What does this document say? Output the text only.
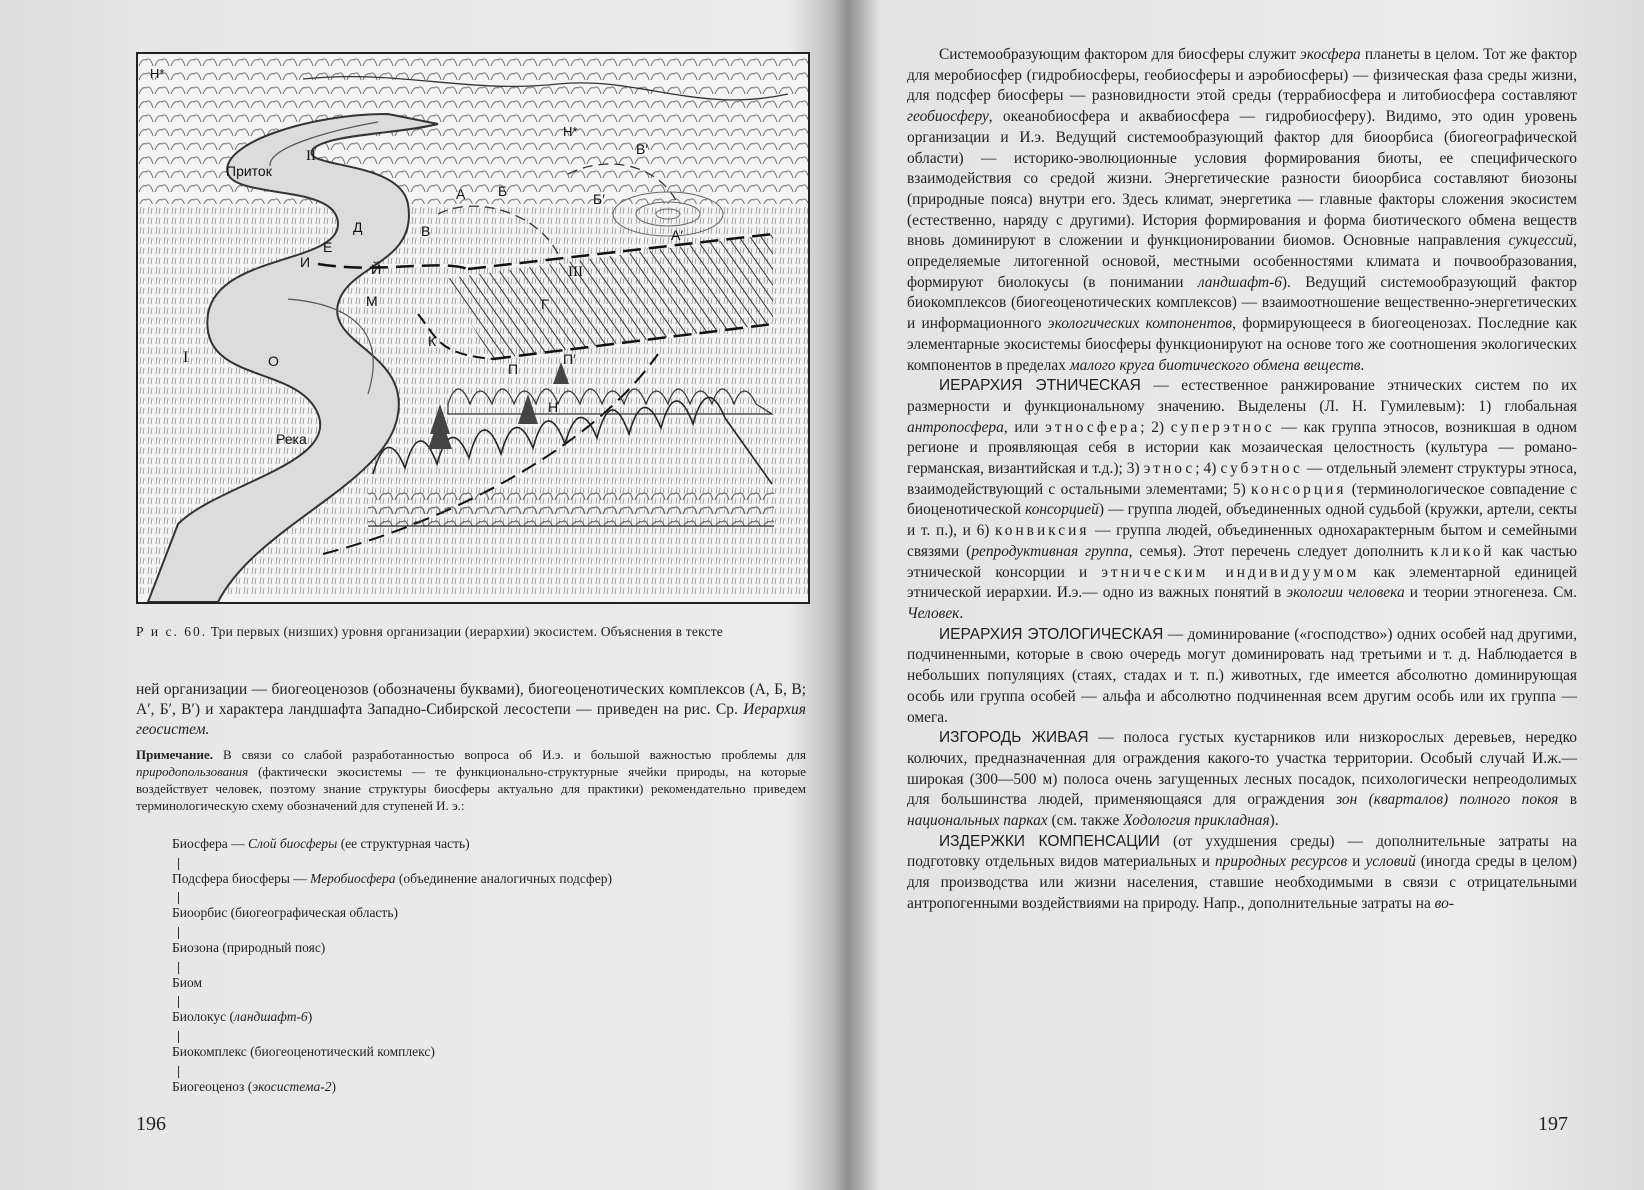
Н*
Н*
Приток
А Б
В
В′
Б′
А′
Д
Е
И	Й
М
К
Г
П
П′
Н
I
II
III
О
Река
Р и с. 60. Три первых (низших) уровня организации (иерархии) экосистем. Объяснения в тексте
ней организации — биогеоценозов (обозначены буквами), биогеоценотических комплексов (А, Б, В; А′, Б′, В′) и характера ландшафта Западно-Сибирской лесостепи — приведен на рис. Ср. Иерархия геосистем.
Примечание. В связи со слабой разработанностью вопроса об И.э. и большой важностью проблемы для природопользования (фактически экосистемы — те функционально-структурные ячейки природы, на которые воздействует человек, поэтому знание структуры биосферы актуально для практики) рекомендательно приведем терминологическую схему обозначений для ступеней И. э.:
Биосфера — Слой биосферы (ее структурная часть)
Подсфера биосферы — Меробиосфера (объединение аналогичных подсфер)
Биоорбис (биогеографическая область)
Биозона (природный пояс)
Биом
Биолокус (ландшафт-6)
Биокомплекс (биогеоценотический комплекс)
Биогеоценоз (экосистема-2)
196

Системообразующим фактором для биосферы служит экосфера планеты в целом. Тот же фактор для меробиосфер (гидробиосферы, геобиосферы и аэробиосферы) — физическая фаза среды жизни, для подсфер биосферы — разновидности этой среды (террабиосфера и литобиосфера составляют геобиосферу, океанобиосфера и аквабиосфера — гидробиосферу). Видимо, это один уровень организации и И.э. Ведущий системообразующий фактор для биоорбиса (биогеографической области) — историко-эволюционные условия формирования биоты, ее специфического взаимодействия со средой жизни. Энергетические разности биоорбиса составляют биозоны (природные пояса) внутри его. Здесь климат, энергетика — главные факторы сложения экосистем (естественно, наряду с другими). История формирования и форма биотического обмена веществ вновь доминируют в сложении и функционировании биомов. Основные направления сукцессий, определяемые литогенной основой, местными особенностями климата и почвообразования, формируют биолокусы (в понимании ландшафт-6). Ведущий системообразующий фактор биокомплексов (биогеоценотических комплексов) — взаимоотношение вещественно-энергетических и информационного экологических компонентов, формирующееся в биогеоценозах. Последние как элементарные экосистемы биосферы функционируют на основе того же соотношения экологических компонентов в пределах малого круга биотического обмена веществ.

ИЕРАРХИЯ ЭТНИЧЕСКАЯ — естественное ранжирование этнических систем по их размерности и функциональному значению. Выделены (Л. Н. Гумилевым): 1) глобальная антропосфера, или этносфера; 2) суперэтнос — как группа этносов, возникшая в одном регионе и проявляющая себя в истории как мозаическая целостность (культура — романо-германская, византийская и т.д.); 3) этнос; 4) субэтнос — отдельный элемент структуры этноса, взаимодействующий с остальными элементами; 5) консорция (терминологическое совпадение с биоценотической консорцией) — группа людей, объединенных одной судьбой (кружки, артели, секты и т. п.), и 6) конвиксия — группа людей, объединенных однохарактерным бытом и семейными связями (репродуктивная группа, семья). Этот перечень следует дополнить кликой как частью этнической консорции и этническим индивидуумом как элементарной единицей этнической иерархии. И.э.— одно из важных понятий в экологии человека и теории этногенеза. См. Человек.

ИЕРАРХИЯ ЭТОЛОГИЧЕСКАЯ — доминирование («господство») одних особей над другими, подчиненными, которые в свою очередь могут доминировать над третьими и т. д. Наблюдается в небольших популяциях (стаях, стадах и т. п.) животных, где имеется абсолютно доминирующая особь или группа особей — альфа и абсолютно подчиненная всем другим особь или их группа — омега.

ИЗГОРОДЬ ЖИВАЯ — полоса густых кустарников или низкорослых деревьев, нередко колючих, предназначенная для ограждения какого-то участка территории. Особый случай И.ж.— широкая (300—500 м) полоса очень загущенных лесных посадок, психологически непреодолимых для большинства людей, применяющаяся для ограждения зон (кварталов) полного покоя в национальных парках (см. также Ходология прикладная).

ИЗДЕРЖКИ КОМПЕНСАЦИИ (от ухудшения среды) — дополнительные затраты на подготовку отдельных видов материальных и природных ресурсов и условий (иногда среды в целом) для производства или жизни населения, ставшие необходимыми в связи с отрицательными антропогенными воздействиями на природу. Напр., дополнительные затраты на во-

197
